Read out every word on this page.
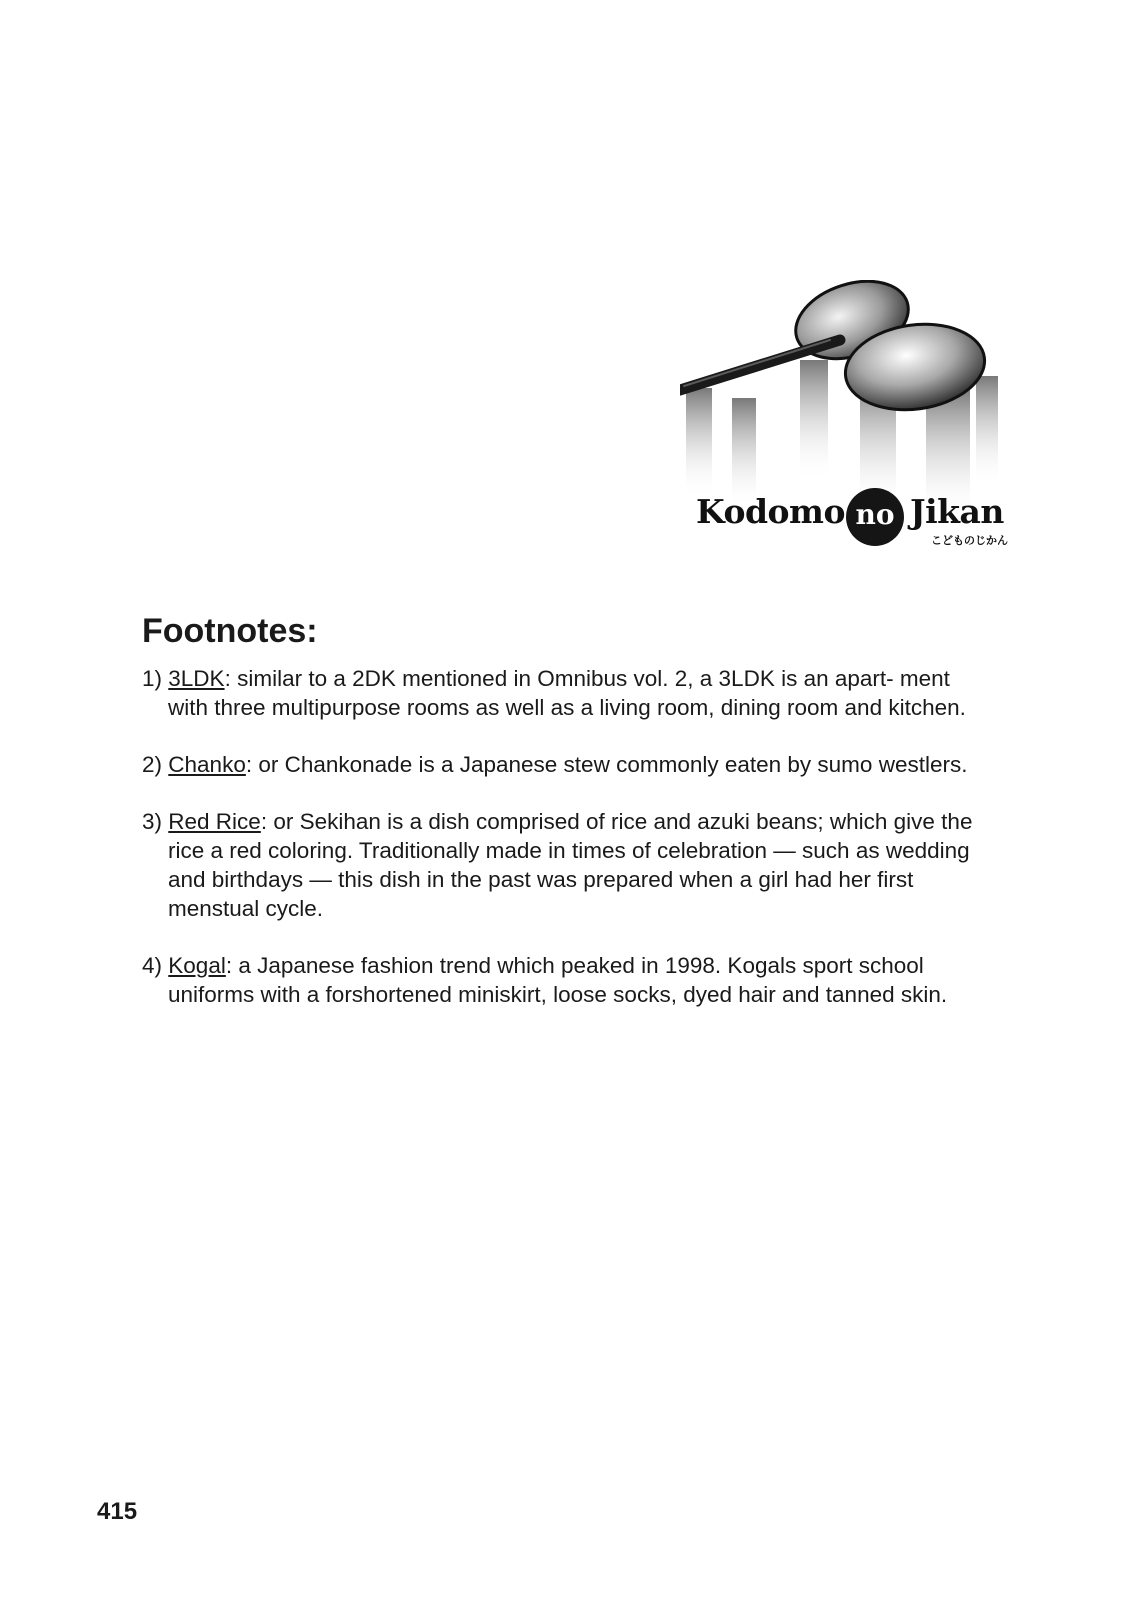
Kodomo no Jikan
こどものじかん
Footnotes:
1) 3LDK: similar to a 2DK mentioned in Omnibus vol. 2, a 3LDK is an apart- ment with three multipurpose rooms as well as a living room, dining room and kitchen.
2) Chanko: or Chankonade is a Japanese stew commonly eaten by sumo westlers.
3) Red Rice: or Sekihan is a dish comprised of rice and azuki beans; which give the rice a red coloring. Traditionally made in times of celebration — such as wedding and birthdays — this dish in the past was prepared when a girl had her first menstual cycle.
4) Kogal: a Japanese fashion trend which peaked in 1998. Kogals sport school uniforms with a forshortened miniskirt, loose socks, dyed hair and tanned skin.
415
